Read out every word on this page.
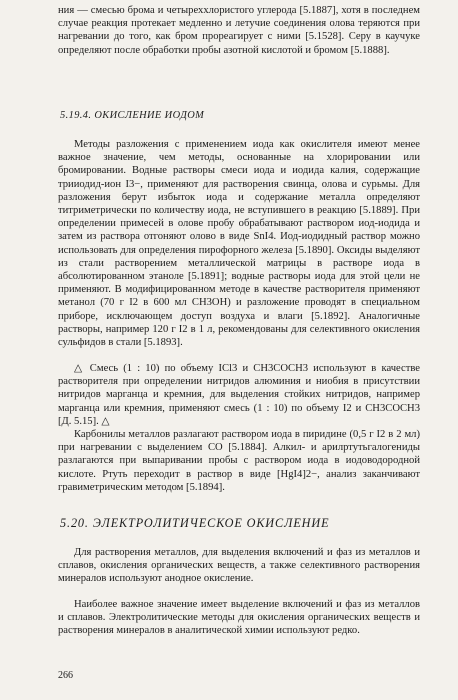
ния — смесью брома и четыреххлористого углерода [5.1887], хотя в последнем случае реакция протекает медленно и летучие соединения олова теряются при нагревании до того, как бром прореагирует с ними [5.1528]. Серу в каучуке определяют после обработки пробы азотной кислотой и бромом [5.1888].

5.19.4. ОКИСЛЕНИЕ ИОДОМ

Методы разложения с применением иода как окислителя имеют менее важное значение, чем методы, основанные на хлорировании или бромировании. Водные растворы смеси иода и иодида калия, содержащие трииодид-ион I3−, применяют для растворения свинца, олова и сурьмы. Для разложения берут избыток иода и содержание металла определяют титриметрически по количеству иода, не вступившего в реакцию [5.1889]. При определении примесей в олове пробу обрабатывают раствором иод-иодида и затем из раствора отгоняют олово в виде SnI4. Иод-иодидный раствор можно использовать для определения пирофорного железа [5.1890]. Оксиды выделяют из стали растворением металлической матрицы в растворе иода в абсолютированном этаноле [5.1891]; водные растворы иода для этой цели не применяют. В модифицированном методе в качестве растворителя применяют метанол (70 г I2 в 600 мл CH3OH) и разложение проводят в специальном приборе, исключающем доступ воздуха и влаги [5.1892]. Аналогичные растворы, например 120 г I2 в 1 л, рекомендованы для селективного окисления сульфидов в стали [5.1893].

△ Смесь (1 : 10) по объему ICl3 и CH3COCH3 используют в качестве растворителя при определении нитридов алюминия и ниобия в присутствии нитридов марганца и кремния, для выделения стойких нитридов, например марганца или кремния, применяют смесь (1 : 10) по объему I2 и CH3COCH3 [Д. 5.15]. △

Карбонилы металлов разлагают раствором иода в пиридине (0,5 г I2 в 2 мл) при нагревании с выделением CO [5.1884]. Алкил- и арилртутьгалогениды разлагаются при выпаривании пробы с раствором иода в иодоводородной кислоте. Ртуть переходит в раствор в виде [HgI4]2−, анализ заканчивают гравиметрическим методом [5.1894].

5.20. ЭЛЕКТРОЛИТИЧЕСКОЕ ОКИСЛЕНИЕ

Для растворения металлов, для выделения включений и фаз из металлов и сплавов, окисления органических веществ, а также селективного растворения минералов используют анодное окисление.

Наиболее важное значение имеет выделение включений и фаз из металлов и сплавов. Электролитические методы для окисления органических веществ и растворения минералов в аналитической химии используют редко.

266
